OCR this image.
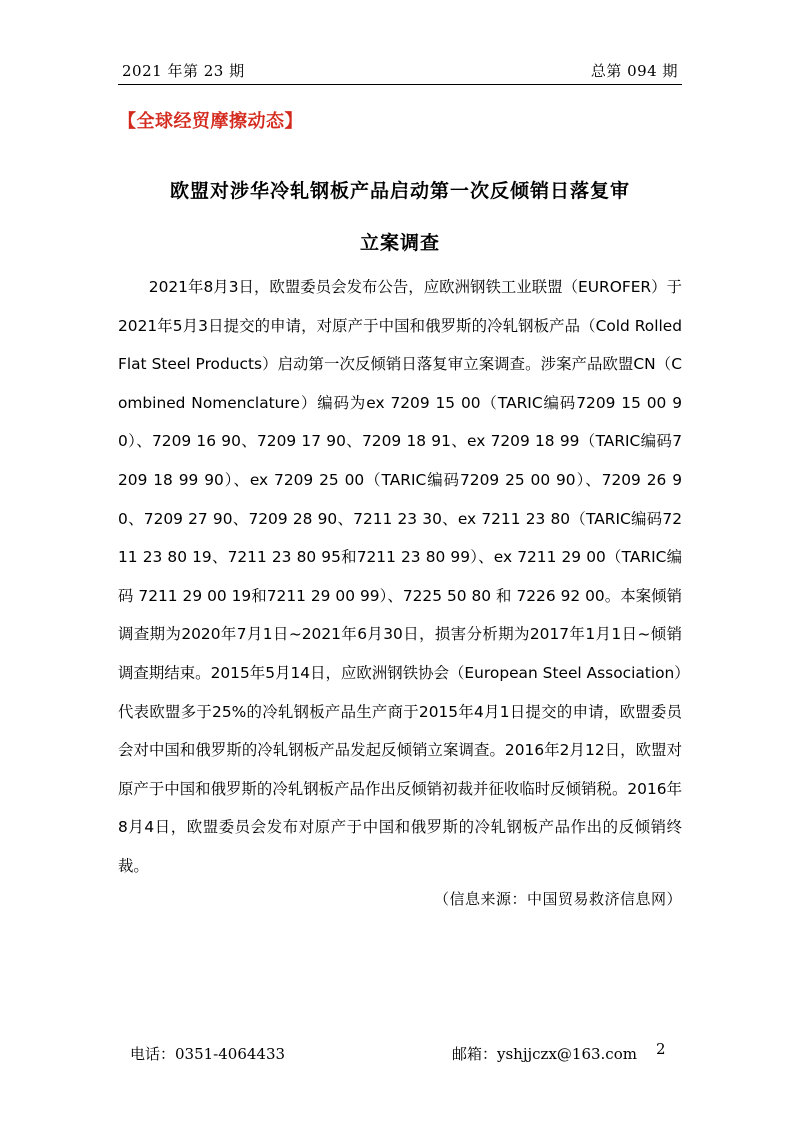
2021 年第 23 期	总第 094 期
【全球经贸摩擦动态】
欧盟对涉华冷轧钢板产品启动第一次反倾销日落复审
立案调查

2021年8月3日，欧盟委员会发布公告，应欧洲钢铁工业联盟（EUROFER）于2021年5月3日提交的申请，对原产于中国和俄罗斯的冷轧钢板产品（Cold Rolled Flat Steel Products）启动第一次反倾销日落复审立案调查。涉案产品欧盟CN（Combined Nomenclature）编码为ex 7209 15 00（TARIC编码7209 15 00 90）、7209 16 90、7209 17 90、7209 18 91、ex 7209 18 99（TARIC编码7209 18 99 90）、ex 7209 25 00（TARIC编码7209 25 00 90）、7209 26 90、7209 27 90、7209 28 90、7211 23 30、ex 7211 23 80（TARIC编码7211 23 80 19、7211 23 80 95和7211 23 80 99）、ex 7211 29 00（TARIC编码 7211 29 00 19和7211 29 00 99）、7225 50 80 和 7226 92 00。本案倾销调查期为2020年7月1日~2021年6月30日，损害分析期为2017年1月1日~倾销调查期结束。2015年5月14日，应欧洲钢铁协会（European Steel Association）代表欧盟多于25%的冷轧钢板产品生产商于2015年4月1日提交的申请，欧盟委员会对中国和俄罗斯的冷轧钢板产品发起反倾销立案调查。2016年2月12日，欧盟对原产于中国和俄罗斯的冷轧钢板产品作出反倾销初裁并征收临时反倾销税。2016年8月4日，欧盟委员会发布对原产于中国和俄罗斯的冷轧钢板产品作出的反倾销终裁。

（信息来源：中国贸易救济信息网）
电话：0351-4064433	邮箱：yshjjczx@163.com 2
